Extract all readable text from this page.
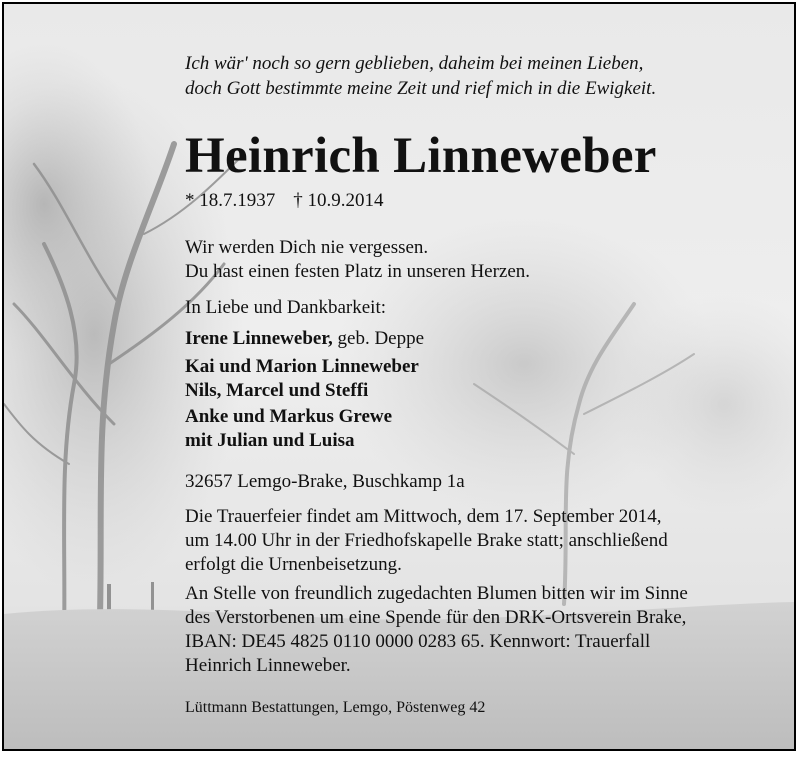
Ich wär' noch so gern geblieben, daheim bei meinen Lieben,
doch Gott bestimmte meine Zeit und rief mich in die Ewigkeit.
Heinrich Linneweber
* 18.7.1937 † 10.9.2014
Wir werden Dich nie vergessen.
Du hast einen festen Platz in unseren Herzen.
In Liebe und Dankbarkeit:
Irene Linneweber, geb. Deppe
Kai und Marion Linneweber
Nils, Marcel und Steffi
Anke und Markus Grewe
mit Julian und Luisa
32657 Lemgo-Brake, Buschkamp 1a
Die Trauerfeier findet am Mittwoch, dem 17. September 2014,
um 14.00 Uhr in der Friedhofskapelle Brake statt; anschließend
erfolgt die Urnenbeisetzung.
An Stelle von freundlich zugedachten Blumen bitten wir im Sinne
des Verstorbenen um eine Spende für den DRK-Ortsverein Brake,
IBAN: DE45 4825 0110 0000 0283 65. Kennwort: Trauerfall
Heinrich Linneweber.
Lüttmann Bestattungen, Lemgo, Pöstenweg 42
